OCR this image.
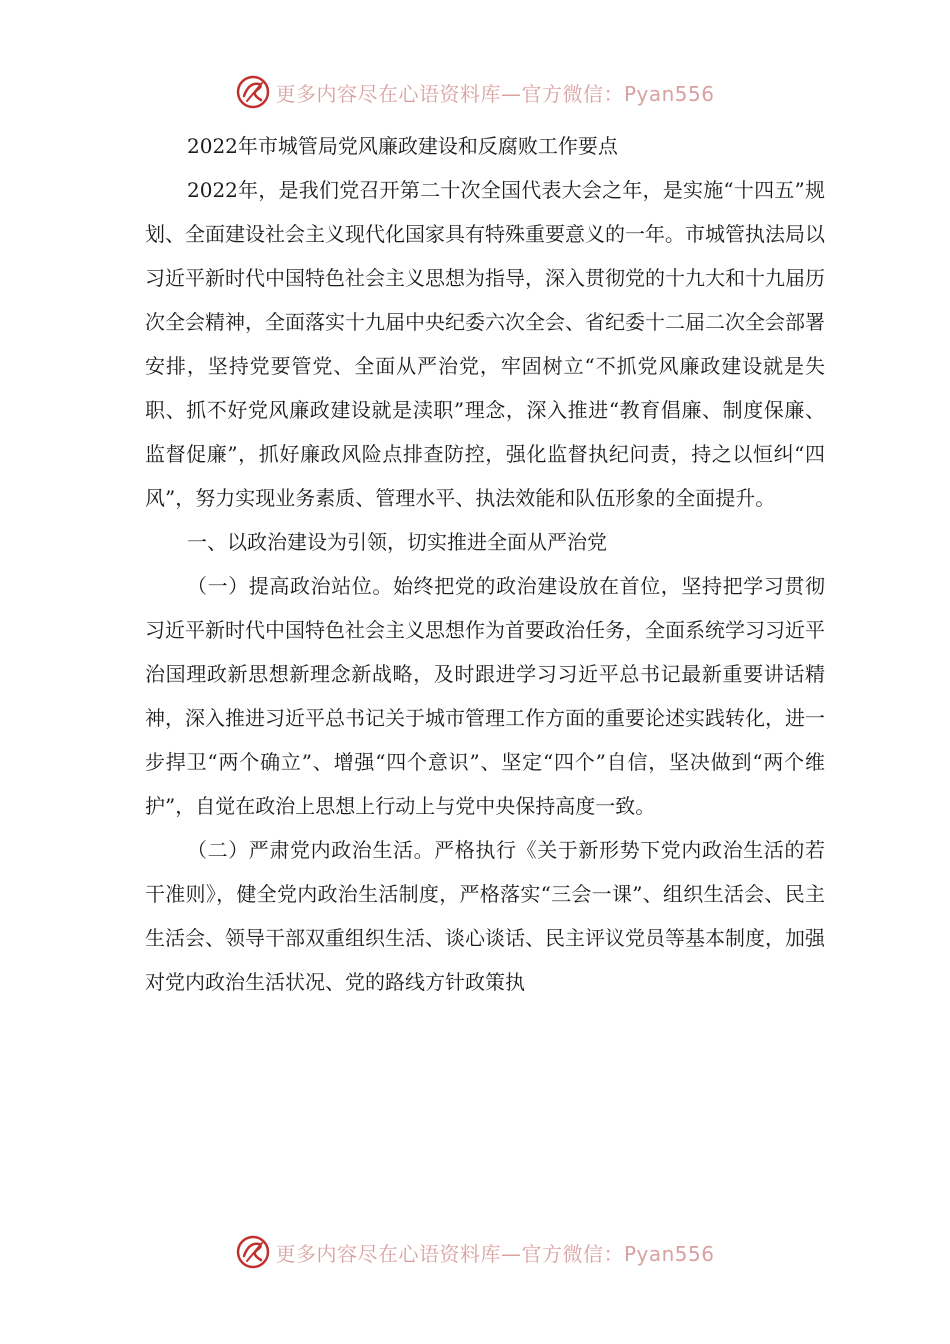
更多内容尽在心语资料库—官方微信：Pyan556
2022年市城管局党风廉政建设和反腐败工作要点

2022年，是我们党召开第二十次全国代表大会之年，是实施“十四五”规划、全面建设社会主义现代化国家具有特殊重要意义的一年。市城管执法局以习近平新时代中国特色社会主义思想为指导，深入贯彻党的十九大和十九届历次全会精神，全面落实十九届中央纪委六次全会、省纪委十二届二次全会部署安排，坚持党要管党、全面从严治党，牢固树立“不抓党风廉政建设就是失职、抓不好党风廉政建设就是渎职”理念，深入推进“教育倡廉、制度保廉、监督促廉”，抓好廉政风险点排查防控，强化监督执纪问责，持之以恒纠“四风”，努力实现业务素质、管理水平、执法效能和队伍形象的全面提升。

一、以政治建设为引领，切实推进全面从严治党

（一）提高政治站位。始终把党的政治建设放在首位，坚持把学习贯彻习近平新时代中国特色社会主义思想作为首要政治任务，全面系统学习习近平治国理政新思想新理念新战略，及时跟进学习习近平总书记最新重要讲话精神，深入推进习近平总书记关于城市管理工作方面的重要论述实践转化，进一步捍卫“两个确立”、增强“四个意识”、坚定“四个”自信，坚决做到“两个维护”，自觉在政治上思想上行动上与党中央保持高度一致。

（二）严肃党内政治生活。严格执行《关于新形势下党内政治生活的若干准则》，健全党内政治生活制度，严格落实“三会一课”、组织生活会、民主生活会、领导干部双重组织生活、谈心谈话、民主评议党员等基本制度，加强对党内政治生活状况、党的路线方针政策执

更多内容尽在心语资料库—官方微信：Pyan556
